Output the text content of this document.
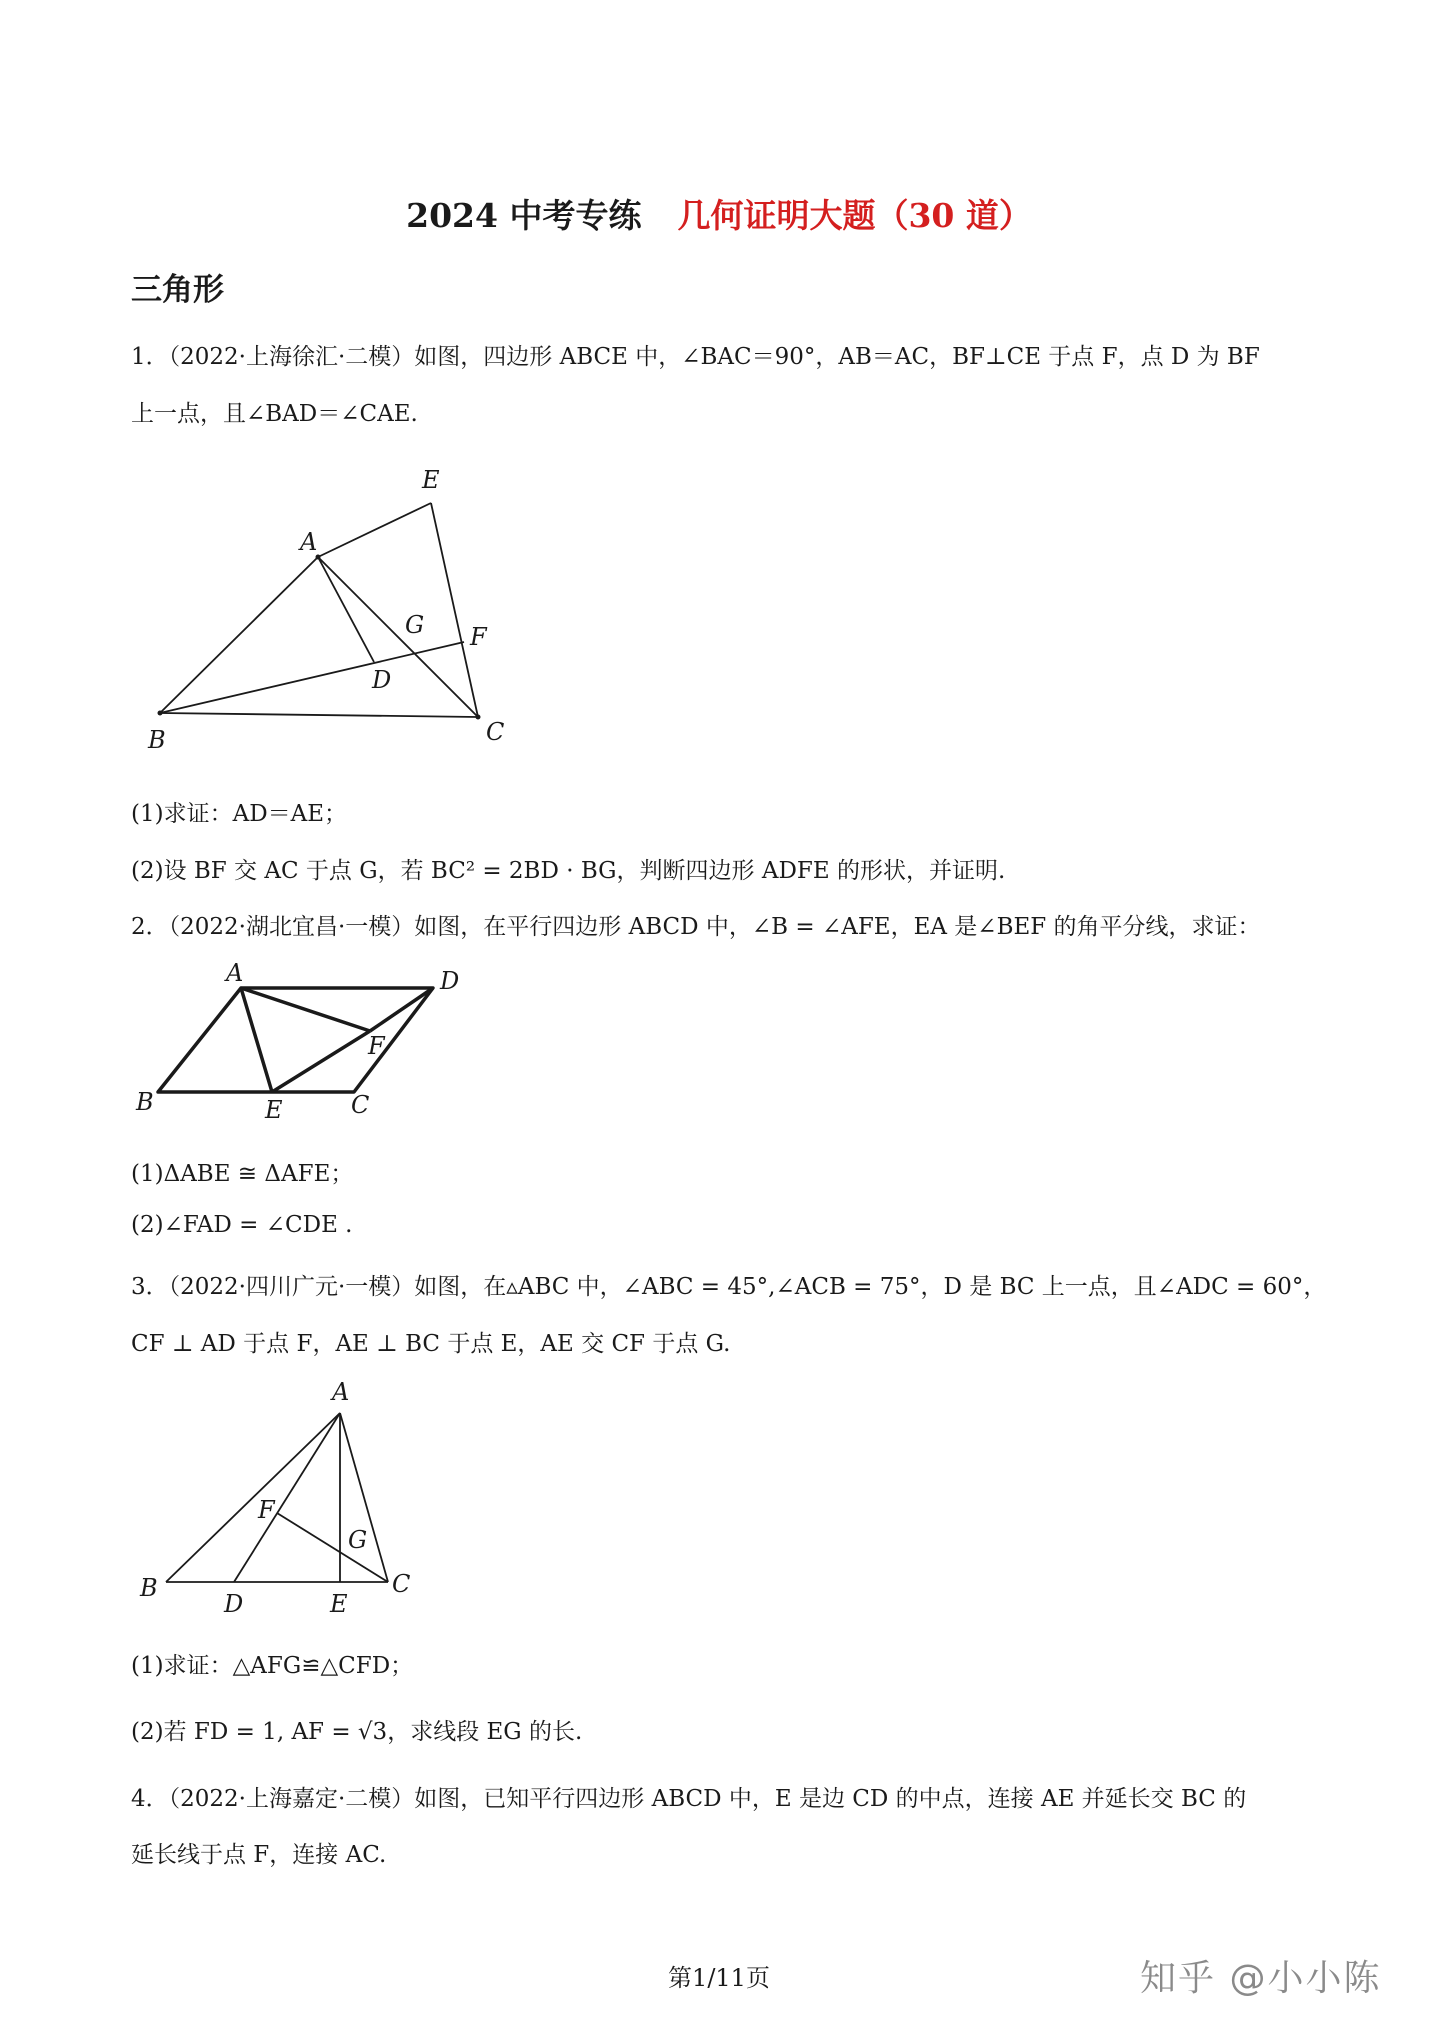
2024 中考专练 几何证明大题（30 道）
三角形
1．（2022·上海徐汇·二模）如图，四边形 ABCE 中，∠BAC＝90°，AB＝AC，BF⊥CE 于点 F，点 D 为 BF
上一点，且∠BAD＝∠CAE.
E
A
G F
D
B	C
(1)求证：AD＝AE；
(2)设 BF 交 AC 于点 G，若 BC² = 2BD · BG，判断四边形 ADFE 的形状，并证明.
2．（2022·湖北宜昌·一模）如图，在平行四边形 ABCD 中，∠B = ∠AFE，EA 是∠BEF 的角平分线，求证：
A	D
F
B	E	C
(1)ΔABE ≅ ΔAFE；
(2)∠FAD = ∠CDE .
3．（2022·四川广元·一模）如图，在▵ABC 中，∠ABC = 45°,∠ACB = 75°，D 是 BC 上一点，且∠ADC = 60°，
CF ⊥ AD 于点 F，AE ⊥ BC 于点 E，AE 交 CF 于点 G.
A
F
G
B
D	E
C
(1)求证：△AFG≌△CFD；
(2)若 FD = 1, AF = √3，求线段 EG 的长.
4．（2022·上海嘉定·二模）如图，已知平行四边形 ABCD 中，E 是边 CD 的中点，连接 AE 并延长交 BC 的
延长线于点 F，连接 AC.
第1/11页	知乎 @小小陈
